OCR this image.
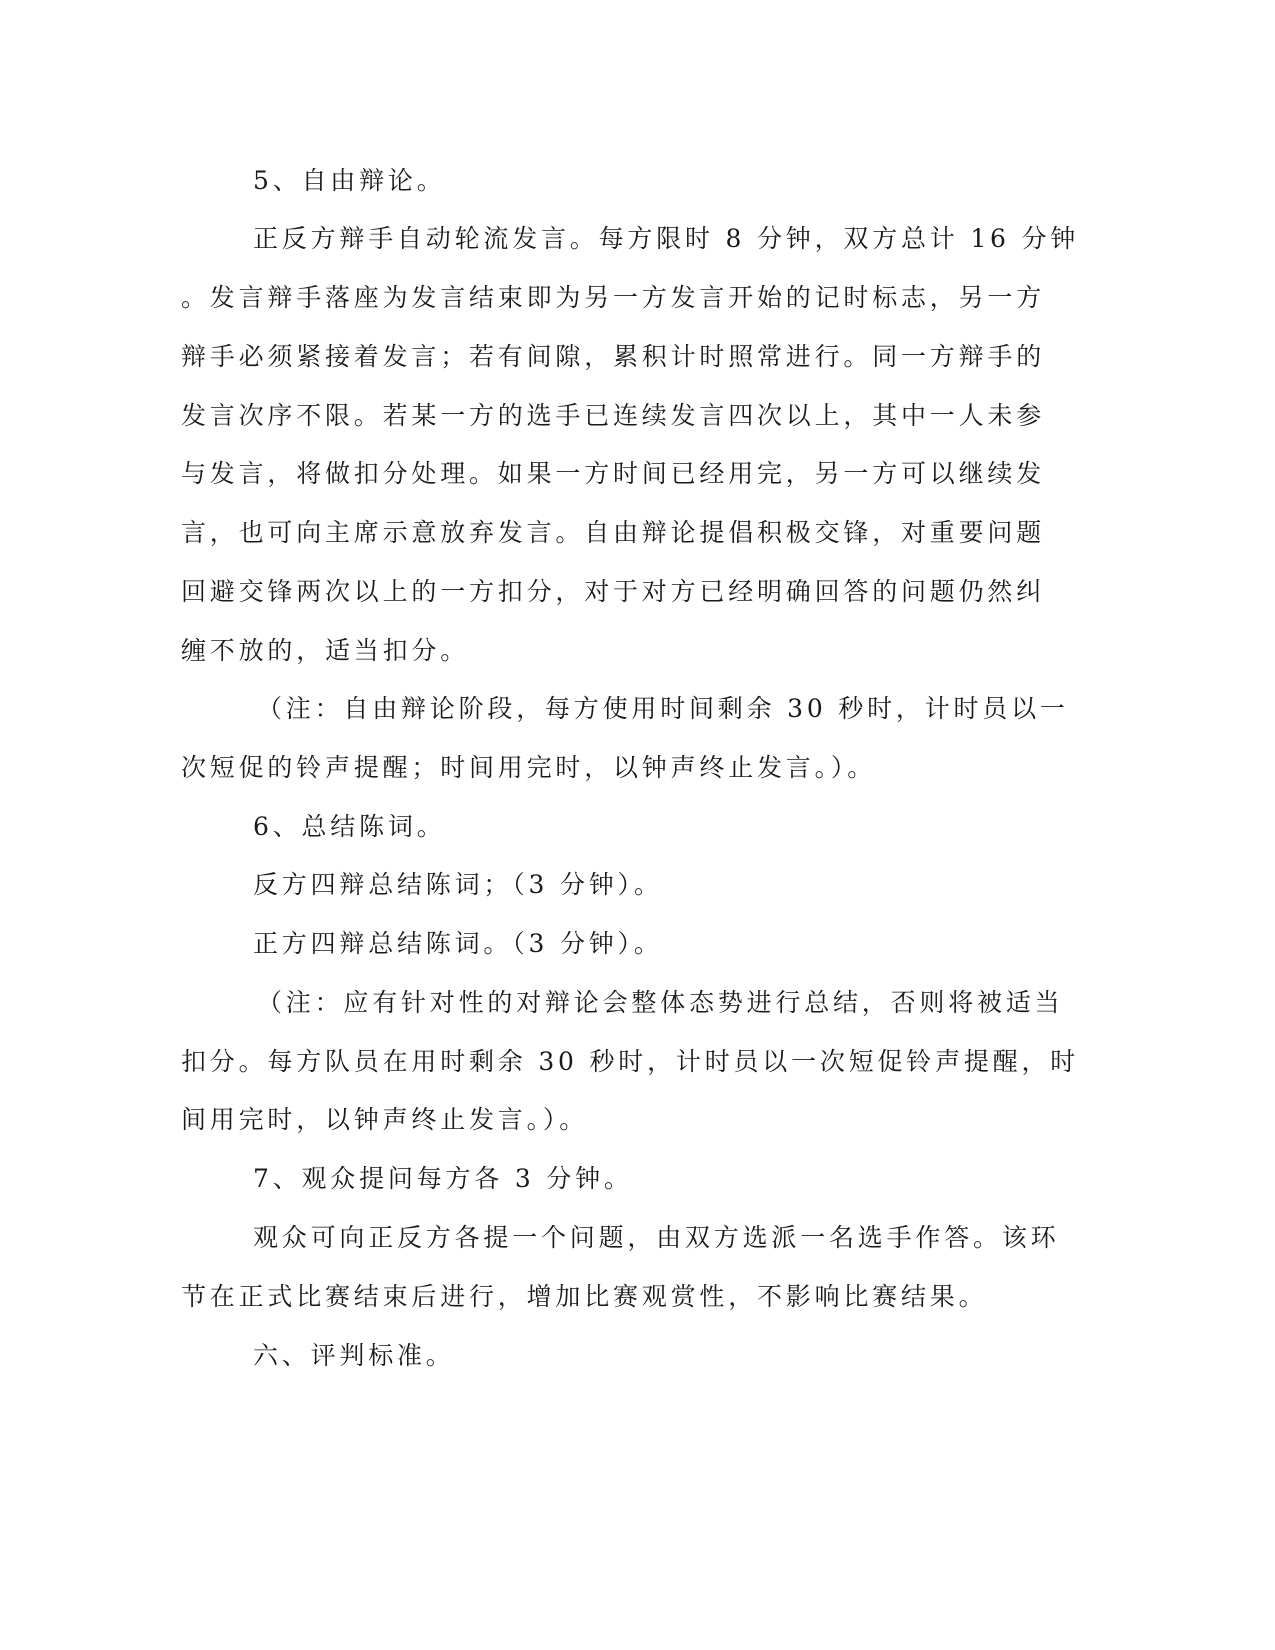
5、自由辩论。
正反方辩手自动轮流发言。每方限时 8 分钟，双方总计 16 分钟
。发言辩手落座为发言结束即为另一方发言开始的记时标志，另一方
辩手必须紧接着发言；若有间隙，累积计时照常进行。同一方辩手的
发言次序不限。若某一方的选手已连续发言四次以上，其中一人未参
与发言，将做扣分处理。如果一方时间已经用完，另一方可以继续发
言，也可向主席示意放弃发言。自由辩论提倡积极交锋，对重要问题
回避交锋两次以上的一方扣分，对于对方已经明确回答的问题仍然纠
缠不放的，适当扣分。
（注：自由辩论阶段，每方使用时间剩余 30 秒时，计时员以一
次短促的铃声提醒；时间用完时，以钟声终止发言。）。
6、总结陈词。
反方四辩总结陈词；（3 分钟）。
正方四辩总结陈词。（3 分钟）。
（注：应有针对性的对辩论会整体态势进行总结，否则将被适当
扣分。每方队员在用时剩余 30 秒时，计时员以一次短促铃声提醒，时
间用完时，以钟声终止发言。）。
7、观众提问每方各 3 分钟。
观众可向正反方各提一个问题，由双方选派一名选手作答。该环
节在正式比赛结束后进行，增加比赛观赏性，不影响比赛结果。
六、评判标准。
